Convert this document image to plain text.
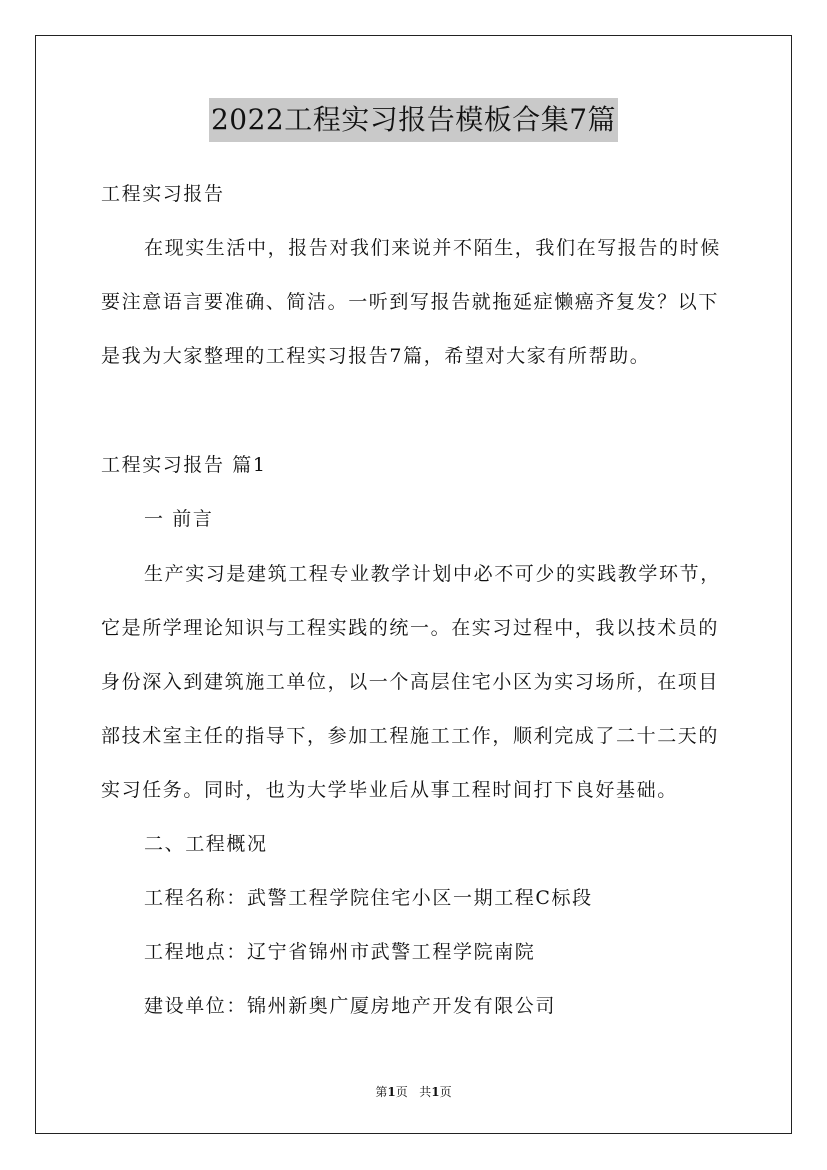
2022工程实习报告模板合集7篇
工程实习报告
在现实生活中，报告对我们来说并不陌生，我们在写报告的时候
要注意语言要准确、简洁。一听到写报告就拖延症懒癌齐复发？以下
是我为大家整理的工程实习报告7篇，希望对大家有所帮助。
工程实习报告 篇1
一 前言
生产实习是建筑工程专业教学计划中必不可少的实践教学环节，
它是所学理论知识与工程实践的统一。在实习过程中，我以技术员的
身份深入到建筑施工单位，以一个高层住宅小区为实习场所，在项目
部技术室主任的指导下，参加工程施工工作，顺利完成了二十二天的
实习任务。同时，也为大学毕业后从事工程时间打下良好基础。
二、工程概况
工程名称：武警工程学院住宅小区一期工程C标段
工程地点：辽宁省锦州市武警工程学院南院
建设单位：锦州新奥广厦房地产开发有限公司
第1页 共1页
